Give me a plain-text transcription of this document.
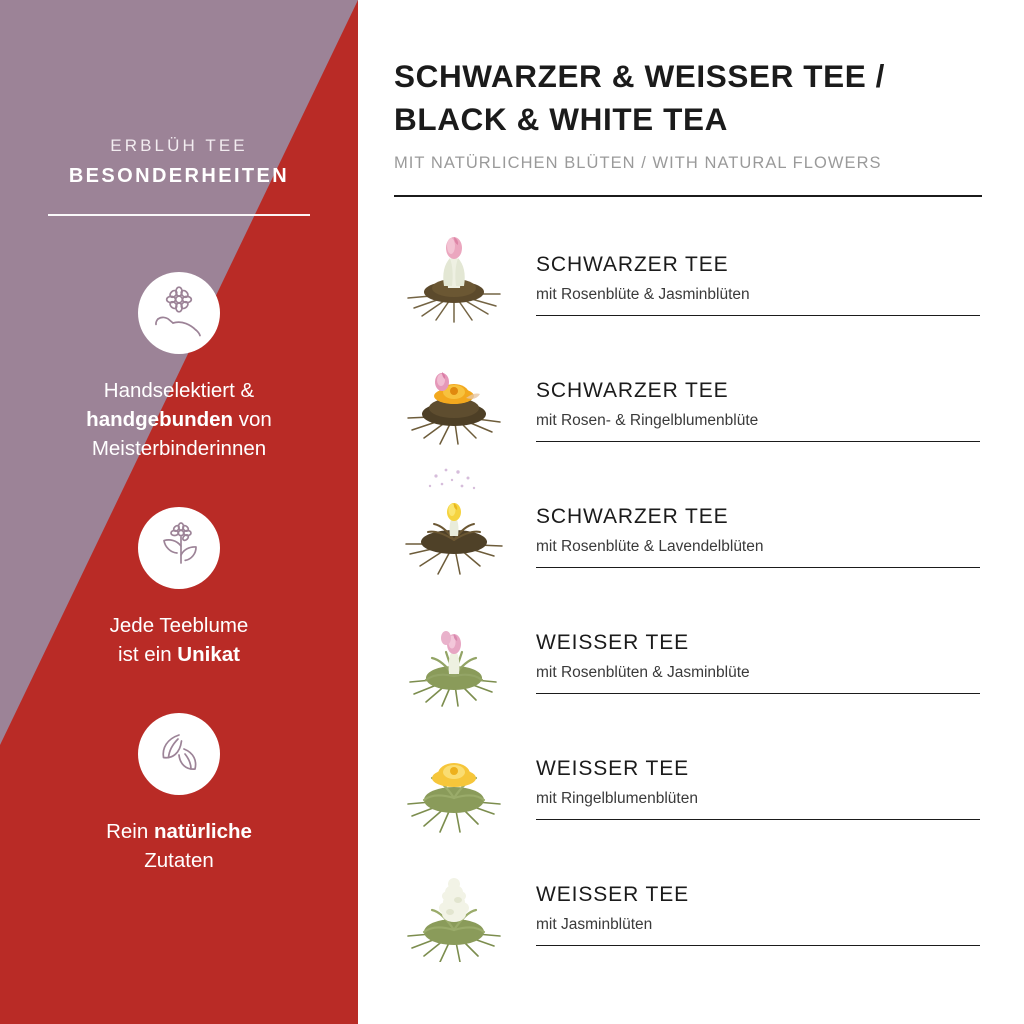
ERBLÜH TEE
BESONDERHEITEN
Handselektiert &
handgebunden von
Meisterbinderinnen
Jede Teeblume
ist ein Unikat
Rein natürliche
Zutaten
SCHWARZER & WEISSER TEE /
BLACK & WHITE TEA
MIT NATÜRLICHEN BLÜTEN / WITH NATURAL FLOWERS
SCHWARZER TEE
mit Rosenblüte & Jasminblüten
SCHWARZER TEE
mit Rosen- & Ringelblumenblüte
SCHWARZER TEE
mit Rosenblüte & Lavendelblüten
WEISSER TEE
mit Rosenblüten & Jasminblüte
WEISSER TEE
mit Ringelblumenblüten
WEISSER TEE
mit Jasminblüten
